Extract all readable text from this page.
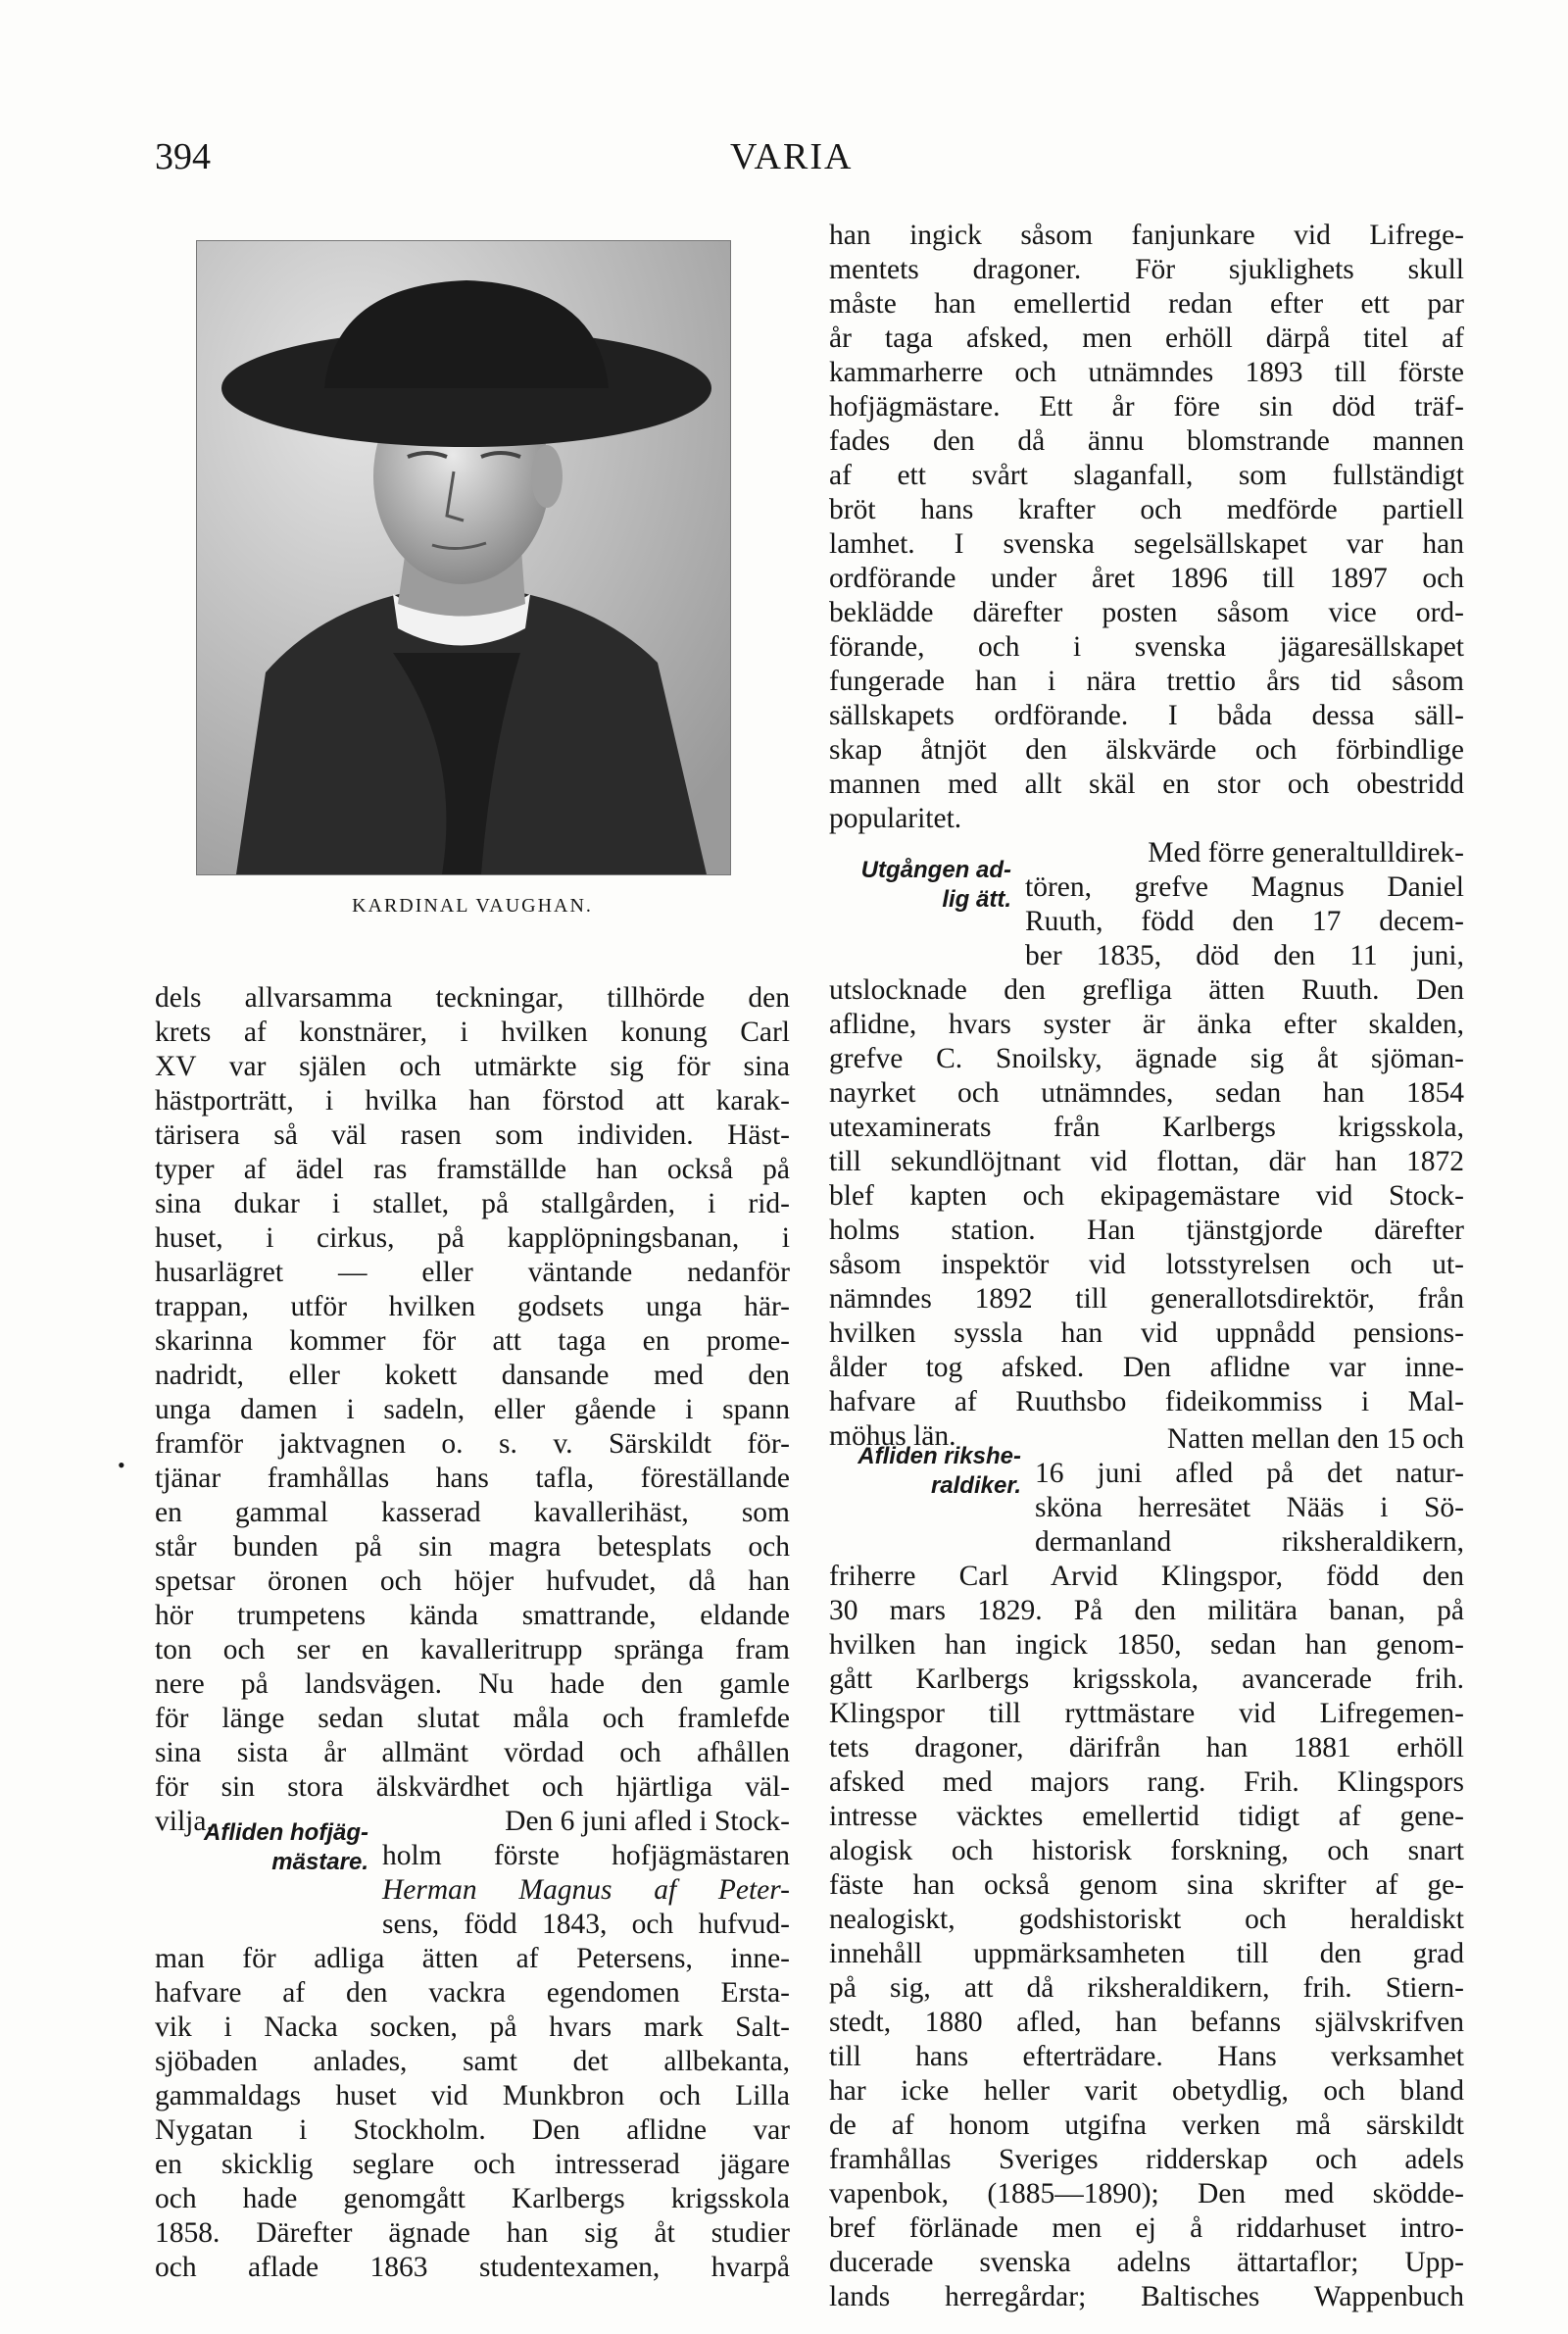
394	VARIA
KARDINAL VAUGHAN.
•
dels allvarsamma teckningar, tillhörde den
krets af konstnärer, i hvilken konung Carl
XV var själen och utmärkte sig för sina
hästporträtt, i hvilka han förstod att karak-
tärisera så väl rasen som individen. Häst-
typer af ädel ras framställde han också på
sina dukar i stallet, på stallgården, i rid-
huset, i cirkus, på kapplöpningsbanan, i
husarlägret — eller väntande nedanför
trappan, utför hvilken godsets unga här-
skarinna kommer för att taga en prome-
nadridt, eller kokett dansande med den
unga damen i sadeln, eller gående i spann
framför jaktvagnen o. s. v. Särskildt för-
tjänar framhållas hans tafla, föreställande
en gammal kasserad kavallerihäst, som
står bunden på sin magra betesplats och
spetsar öronen och höjer hufvudet, då han
hör trumpetens kända smattrande, eldande
ton och ser en kavalleritrupp spränga fram
nere på landsvägen. Nu hade den gamle
för länge sedan slutat måla och framlefde
sina sista år allmänt vördad och afhållen
för sin stora älskvärdhet och hjärtliga väl-
vilja.
Afliden hofjäg-
mästare.
Den 6 juni afled i Stock-
holm förste hofjägmästaren
Herman Magnus af Peter-
sens, född 1843, och hufvud-
man för adliga ätten af Petersens, inne-
hafvare af den vackra egendomen Ersta-
vik i Nacka socken, på hvars mark Salt-
sjöbaden anlades, samt det allbekanta,
gammaldags huset vid Munkbron och Lilla
Nygatan i Stockholm. Den aflidne var
en skicklig seglare och intresserad jägare
och hade genomgått Karlbergs krigsskola
1858. Därefter ägnade han sig åt studier
och aflade 1863 studentexamen, hvarpå
han ingick såsom fanjunkare vid Lifrege-
mentets dragoner. För sjuklighets skull
måste han emellertid redan efter ett par
år taga afsked, men erhöll därpå titel af
kammarherre och utnämndes 1893 till förste
hofjägmästare. Ett år före sin död träf-
fades den då ännu blomstrande mannen
af ett svårt slaganfall, som fullständigt
bröt hans krafter och medförde partiell
lamhet. I svenska segelsällskapet var han
ordförande under året 1896 till 1897 och
beklädde därefter posten såsom vice ord-
förande, och i svenska jägaresällskapet
fungerade han i nära trettio års tid såsom
sällskapets ordförande. I båda dessa säll-
skap åtnjöt den älskvärde och förbindlige
mannen med allt skäl en stor och obestridd
popularitet.
Utgången ad-
lig ätt.
Med förre generaltulldirek-
tören, grefve Magnus Daniel
Ruuth, född den 17 decem-
ber 1835, död den 11 juni,
utslocknade den grefliga ätten Ruuth. Den
aflidne, hvars syster är änka efter skalden,
grefve C. Snoilsky, ägnade sig åt sjöman-
nayrket och utnämndes, sedan han 1854
utexaminerats från Karlbergs krigsskola,
till sekundlöjtnant vid flottan, där han 1872
blef kapten och ekipagemästare vid Stock-
holms station. Han tjänstgjorde därefter
såsom inspektör vid lotsstyrelsen och ut-
nämndes 1892 till generallotsdirektör, från
hvilken syssla han vid uppnådd pensions-
ålder tog afsked. Den aflidne var inne-
hafvare af Ruuthsbo fideikommiss i Mal-
möhus län.
Afliden rikshe-
raldiker.
Natten mellan den 15 och
16 juni afled på det natur-
sköna herresätet Nääs i Sö-
dermanland riksheraldikern,
friherre Carl Arvid Klingspor, född den
30 mars 1829. På den militära banan, på
hvilken han ingick 1850, sedan han genom-
gått Karlbergs krigsskola, avancerade frih.
Klingspor till ryttmästare vid Lifregemen-
tets dragoner, därifrån han 1881 erhöll
afsked med majors rang. Frih. Klingspors
intresse väcktes emellertid tidigt af gene-
alogisk och historisk forskning, och snart
fäste han också genom sina skrifter af ge-
nealogiskt, godshistoriskt och heraldiskt
innehåll uppmärksamheten till den grad
på sig, att då riksheraldikern, frih. Stiern-
stedt, 1880 afled, han befanns självskrifven
till hans efterträdare. Hans verksamhet
har icke heller varit obetydlig, och bland
de af honom utgifna verken må särskildt
framhållas Sveriges ridderskap och adels
vapenbok, (1885—1890); Den med sködde-
bref förlänade men ej å riddarhuset intro-
ducerade svenska adelns ättartaflor; Upp-
lands herregårdar; Baltisches Wappenbuch
